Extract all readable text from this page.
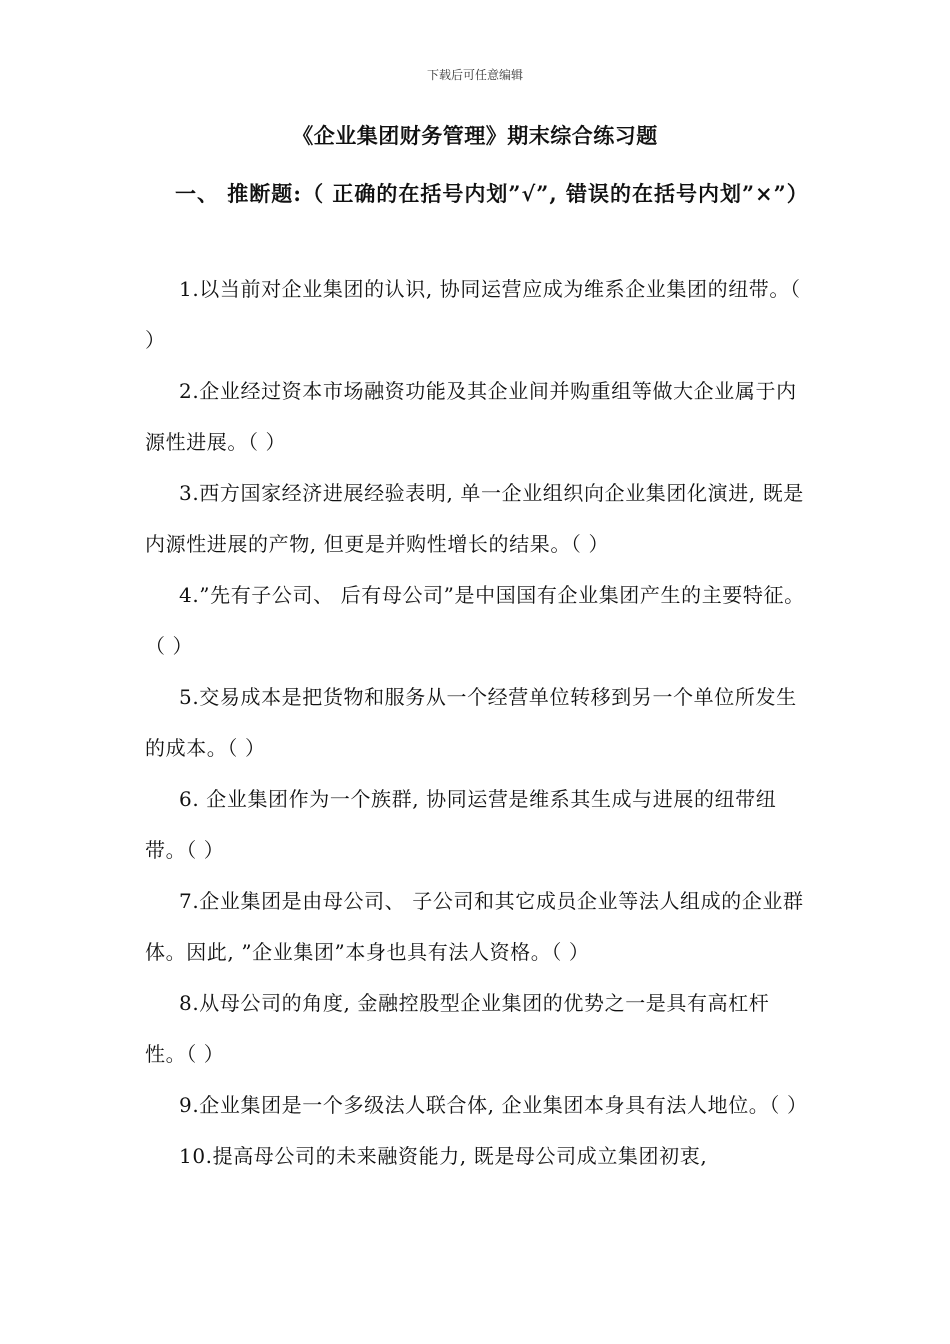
下载后可任意编辑
《企业集团财务管理》期末综合练习题
一、 推断题:（ 正确的在括号内划”√”, 错误的在括号内划”×”）

1.以当前对企业集团的认识, 协同运营应成为维系企业集团的纽带。（ ）

2.企业经过资本市场融资功能及其企业间并购重组等做大企业属于内源性进展。（ ）

3.西方国家经济进展经验表明, 单一企业组织向企业集团化演进, 既是内源性进展的产物, 但更是并购性增长的结果。（ ）

4.”先有子公司、 后有母公司”是中国国有企业集团产生的主要特征。（ ）

5.交易成本是把货物和服务从一个经营单位转移到另一个单位所发生的成本。（ ）

6. 企业集团作为一个族群, 协同运营是维系其生成与进展的纽带纽带。（ ）

7.企业集团是由母公司、 子公司和其它成员企业等法人组成的企业群体。因此, ”企业集团”本身也具有法人资格。（ ）

8.从母公司的角度, 金融控股型企业集团的优势之一是具有高杠杆性。（ ）

9.企业集团是一个多级法人联合体, 企业集团本身具有法人地位。（ ）

10.提高母公司的未来融资能力, 既是母公司成立集团初衷,
